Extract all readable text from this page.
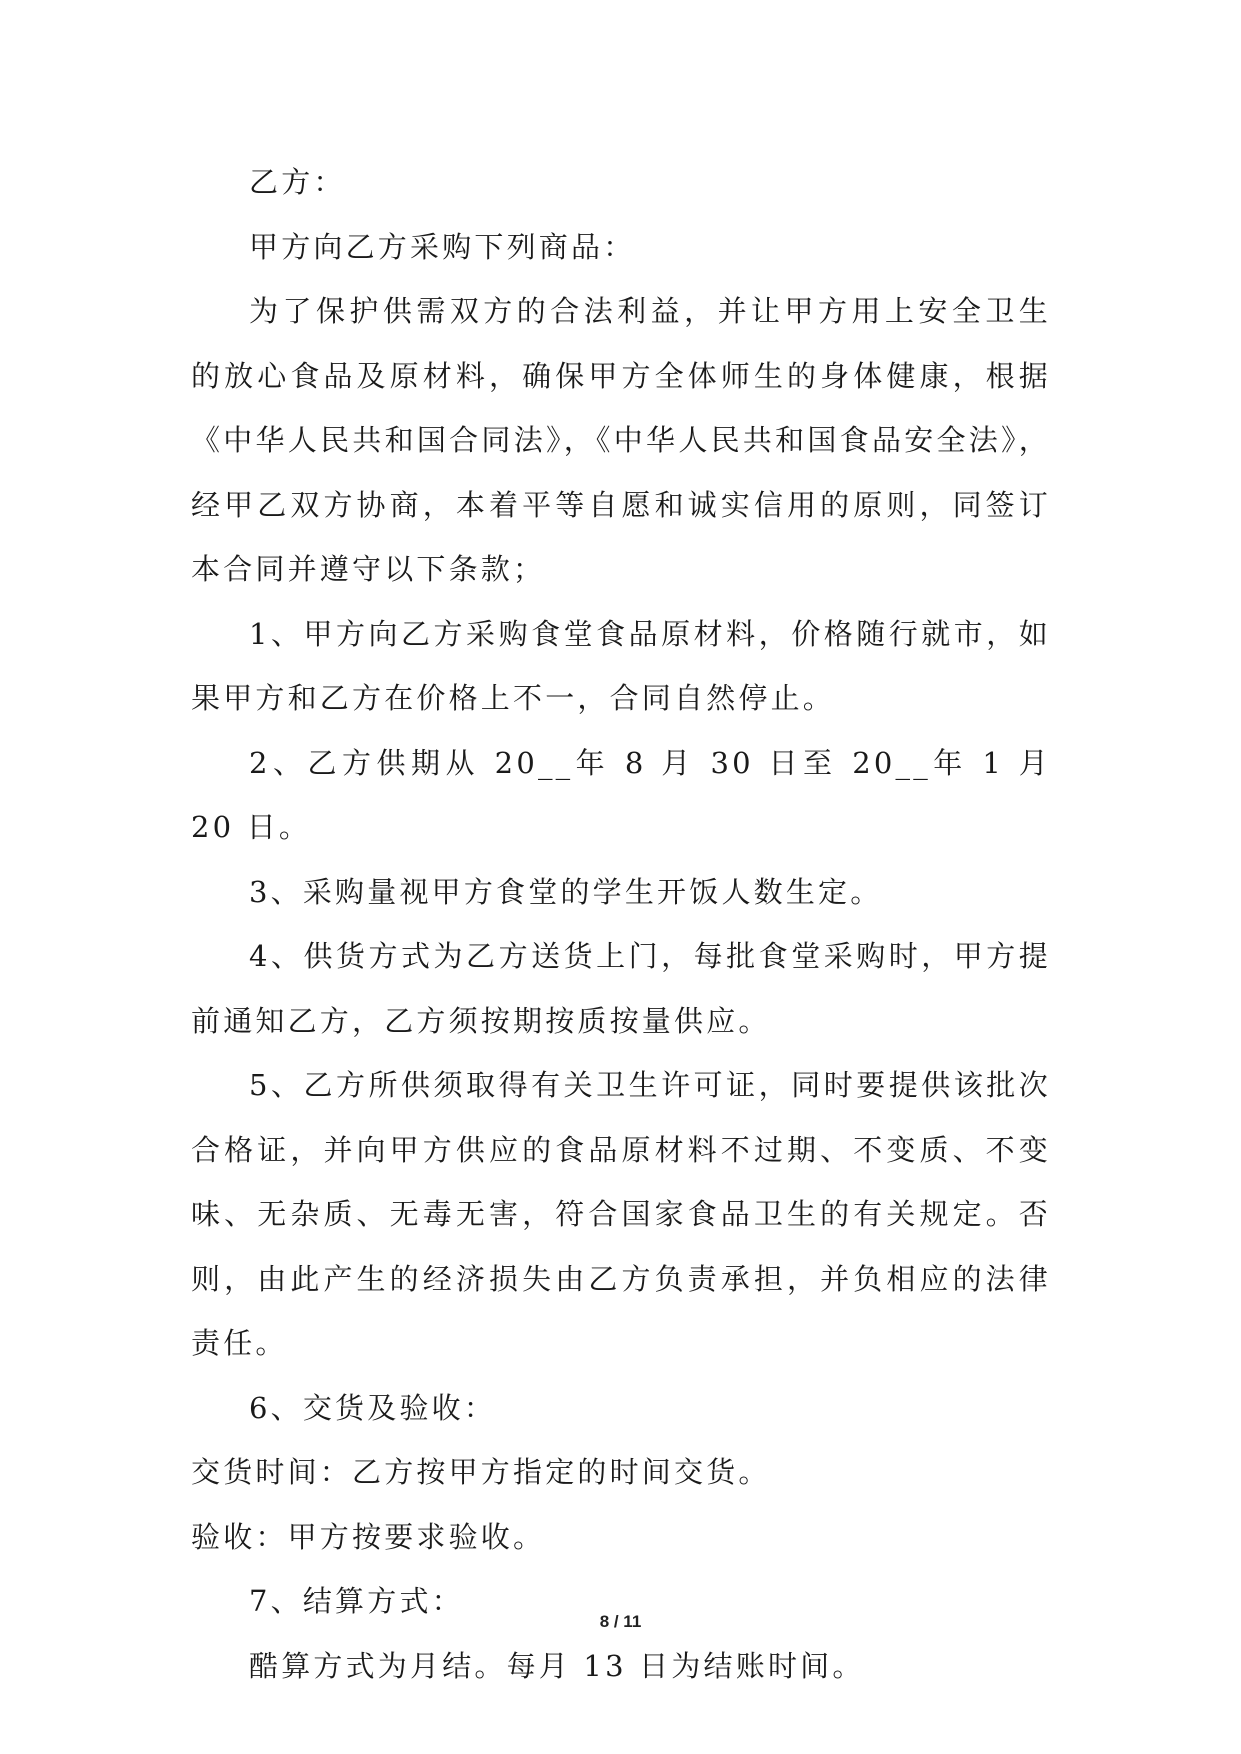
乙方：

甲方向乙方采购下列商品：

为了保护供需双方的合法利益，并让甲方用上安全卫生的放心食品及原材料，确保甲方全体师生的身体健康，根据《中华人民共和国合同法》，《中华人民共和国食品安全法》，经甲乙双方协商，本着平等自愿和诚实信用的原则，同签订本合同并遵守以下条款；

1、甲方向乙方采购食堂食品原材料，价格随行就市，如果甲方和乙方在价格上不一，合同自然停止。

2、乙方供期从 20__年 8 月 30 日至 20__年 1 月 20 日。

3、采购量视甲方食堂的学生开饭人数生定。

4、供货方式为乙方送货上门，每批食堂采购时，甲方提前通知乙方，乙方须按期按质按量供应。

5、乙方所供须取得有关卫生许可证，同时要提供该批次合格证，并向甲方供应的食品原材料不过期、不变质、不变味、无杂质、无毒无害，符合国家食品卫生的有关规定。否则，由此产生的经济损失由乙方负责承担，并负相应的法律责任。

6、交货及验收：

交货时间：乙方按甲方指定的时间交货。

验收：甲方按要求验收。

7、结算方式：

酷算方式为月结。每月 13 日为结账时间。

8 / 11
